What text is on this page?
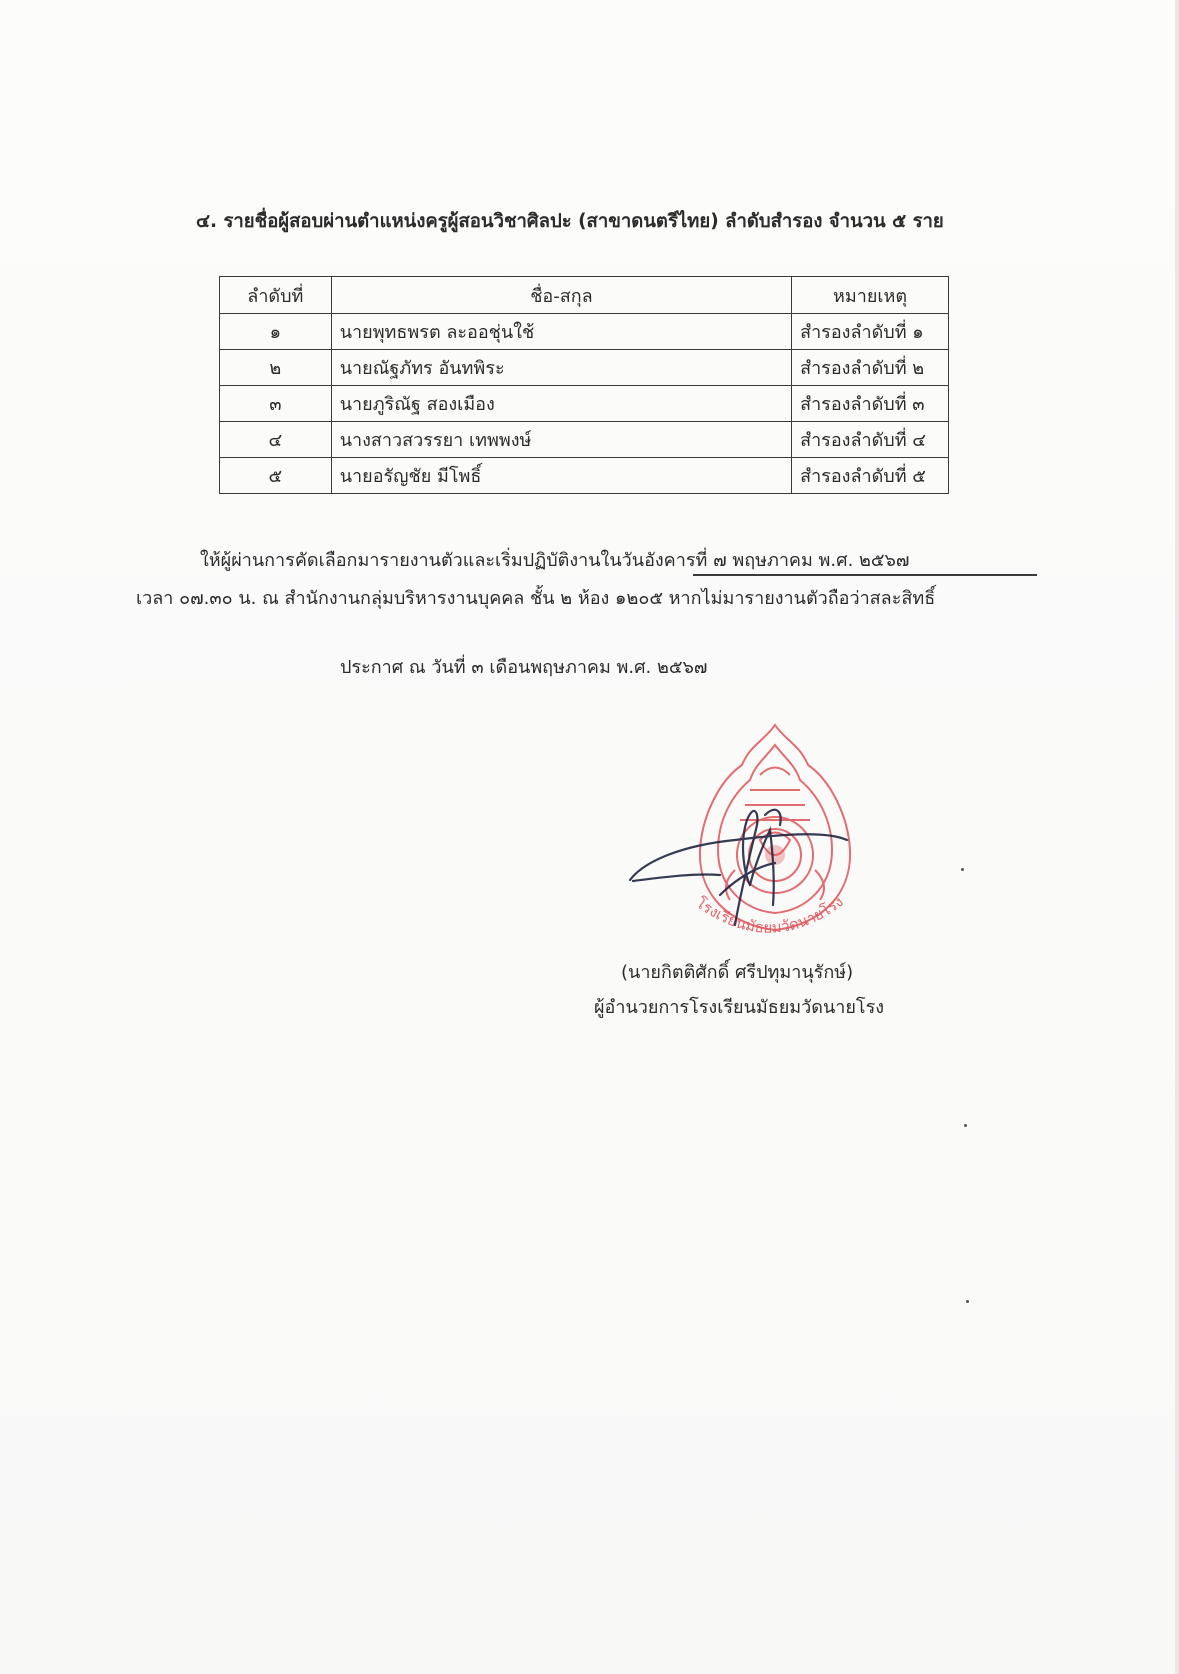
๔. รายชื่อผู้สอบผ่านตำแหน่งครูผู้สอนวิชาศิลปะ (สาขาดนตรีไทย) ลำดับสำรอง จำนวน ๕ ราย
ลำดับที่	ชื่อ-สกุล	หมายเหตุ
๑	นายพุทธพรต ละออชุ่นใช้	สำรองลำดับที่ ๑
๒	นายณัฐภัทร อันทพิระ	สำรองลำดับที่ ๒
๓	นายภูริณัฐ สองเมือง	สำรองลำดับที่ ๓
๔	นางสาวสวรรยา เทพพงษ์	สำรองลำดับที่ ๔
๕	นายอรัญชัย มีโพธิ์	สำรองลำดับที่ ๕
ให้ผู้ผ่านการคัดเลือกมารายงานตัวและเริ่มปฏิบัติงานในวันอังคารที่ ๗ พฤษภาคม พ.ศ. ๒๕๖๗
เวลา ๐๗.๓๐ น. ณ สำนักงานกลุ่มบริหารงานบุคคล ชั้น ๒ ห้อง ๑๒๐๕ หากไม่มารายงานตัวถือว่าสละสิทธิ์
ประกาศ ณ วันที่ ๓ เดือนพฤษภาคม พ.ศ. ๒๕๖๗
โรงเรียนมัธยมวัดนายโรง
(นายกิตติศักดิ์ ศรีปทุมานุรักษ์)
ผู้อำนวยการโรงเรียนมัธยมวัดนายโรง
